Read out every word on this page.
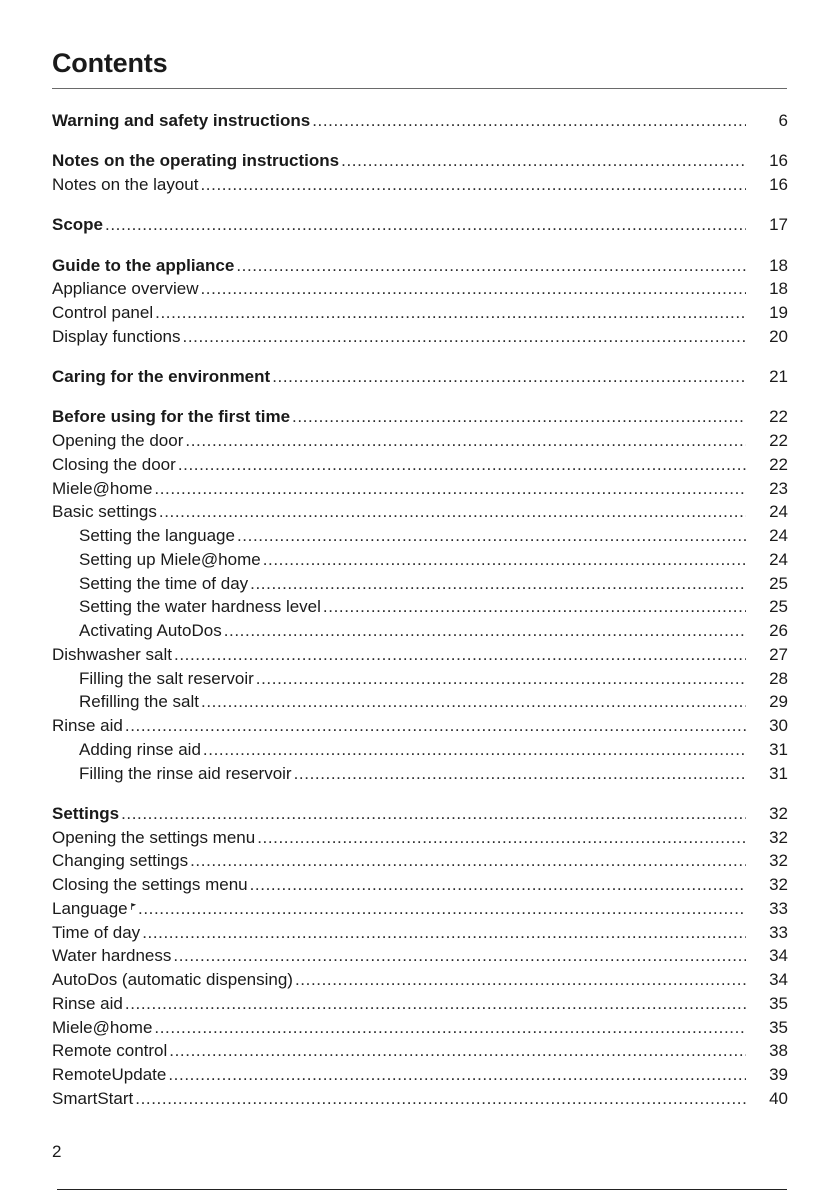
Contents
Warning and safety instructions .....	6
Notes on the operating instructions .....	16
Notes on the layout .....	16
Scope .....	17
Guide to the appliance .....	18
Appliance overview .....	18
Control panel .....	19
Display functions .....	20
Caring for the environment .....	21
Before using for the first time .....	22
Opening the door .....	22
Closing the door .....	22
Miele@home .....	23
Basic settings .....	24
Setting the language .....	24
Setting up Miele@home .....	24
Setting the time of day .....	25
Setting the water hardness level .....	25
Activating AutoDos .....	26
Dishwasher salt .....	27
Filling the salt reservoir .....	28
Refilling the salt .....	29
Rinse aid .....	30
Adding rinse aid .....	31
Filling the rinse aid reservoir .....	31
Settings .....	32
Opening the settings menu .....	32
Changing settings .....	32
Closing the settings menu .....	32
Language .....	33
Time of day .....	33
Water hardness .....	34
AutoDos (automatic dispensing) .....	34
Rinse aid .....	35
Miele@home .....	35
Remote control .....	38
RemoteUpdate .....	39
SmartStart .....	40
2
